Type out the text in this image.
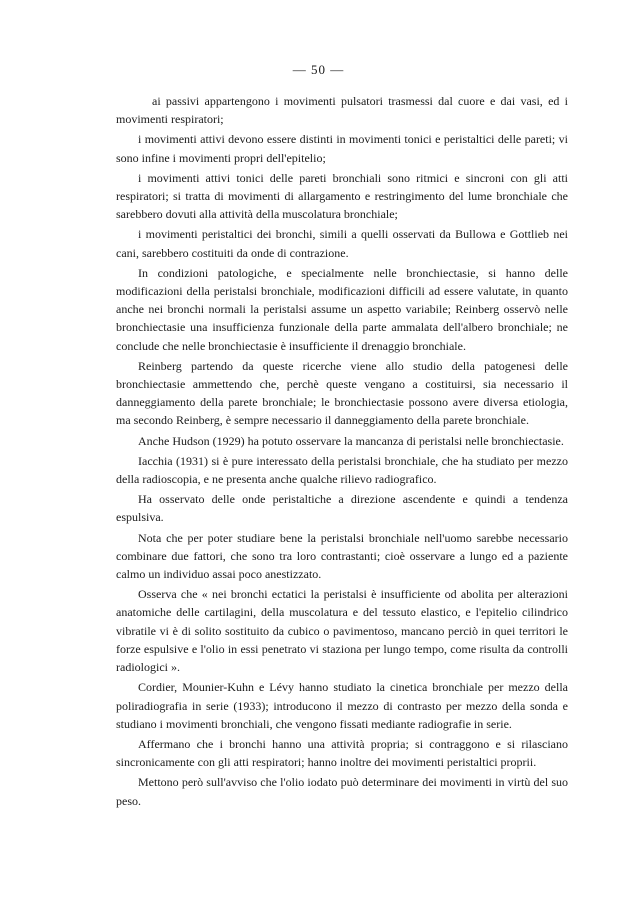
— 50 —

ai passivi appartengono i movimenti pulsatori trasmessi dal cuore e dai vasi, ed i movimenti respiratori;

i movimenti attivi devono essere distinti in movimenti tonici e peristaltici delle pareti; vi sono infine i movimenti propri dell'epitelio;

i movimenti attivi tonici delle pareti bronchiali sono ritmici e sincroni con gli atti respiratori; si tratta di movimenti di allargamento e restringimento del lume bronchiale che sarebbero dovuti alla attività della muscolatura bronchiale;

i movimenti peristaltici dei bronchi, simili a quelli osservati da Bullowa e Gottlieb nei cani, sarebbero costituiti da onde di contrazione.

In condizioni patologiche, e specialmente nelle bronchiectasie, si hanno delle modificazioni della peristalsi bronchiale, modificazioni difficili ad essere valutate, in quanto anche nei bronchi normali la peristalsi assume un aspetto variabile; Reinberg osservò nelle bronchiectasie una insufficienza funzionale della parte ammalata dell'albero bronchiale; ne conclude che nelle bronchiectasie è insufficiente il drenaggio bronchiale.

Reinberg partendo da queste ricerche viene allo studio della patogenesi delle bronchiectasie ammettendo che, perchè queste vengano a costituirsi, sia necessario il danneggiamento della parete bronchiale; le bronchiectasie possono avere diversa etiologia, ma secondo Reinberg, è sempre necessario il danneggiamento della parete bronchiale.

Anche Hudson (1929) ha potuto osservare la mancanza di peristalsi nelle bronchiectasie.

Iacchia (1931) si è pure interessato della peristalsi bronchiale, che ha studiato per mezzo della radioscopia, e ne presenta anche qualche rilievo radiografico.

Ha osservato delle onde peristaltiche a direzione ascendente e quindi a tendenza espulsiva.

Nota che per poter studiare bene la peristalsi bronchiale nell'uomo sarebbe necessario combinare due fattori, che sono tra loro contrastanti; cioè osservare a lungo ed a paziente calmo un individuo assai poco anestizzato.

Osserva che « nei bronchi ectatici la peristalsi è insufficiente od abolita per alterazioni anatomiche delle cartilagini, della muscolatura e del tessuto elastico, e l'epitelio cilindrico vibratile vi è di solito sostituito da cubico o pavimentoso, mancano perciò in quei territori le forze espulsive e l'olio in essi penetrato vi staziona per lungo tempo, come risulta da controlli radiologici ».

Cordier, Mounier-Kuhn e Lévy hanno studiato la cinetica bronchiale per mezzo della poliradiografia in serie (1933); introducono il mezzo di contrasto per mezzo della sonda e studiano i movimenti bronchiali, che vengono fissati mediante radiografie in serie.

Affermano che i bronchi hanno una attività propria; si contraggono e si rilasciano sincronicamente con gli atti respiratori; hanno inoltre dei movimenti peristaltici proprii.

Mettono però sull'avviso che l'olio iodato può determinare dei movimenti in virtù del suo peso.
